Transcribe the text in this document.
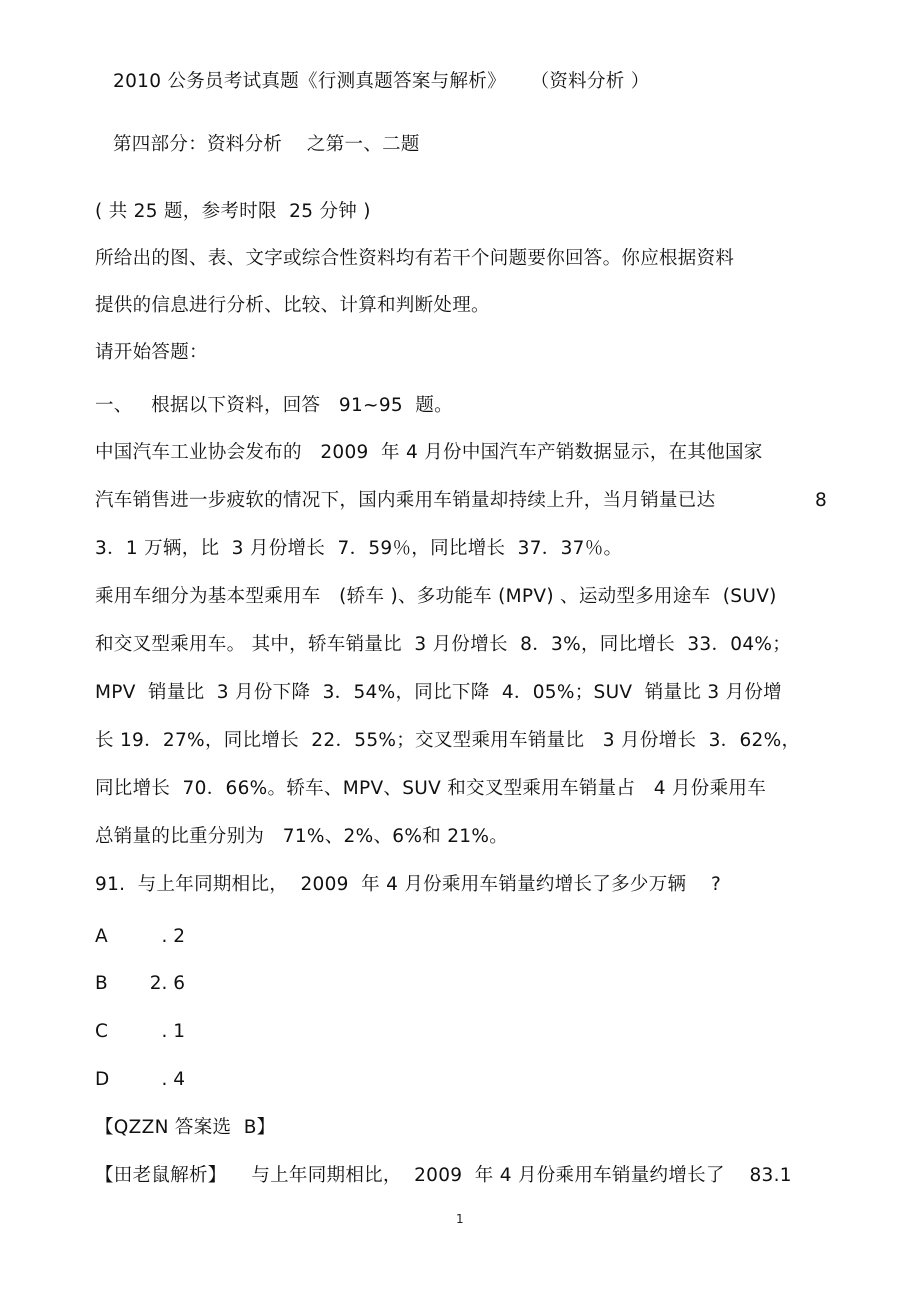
2010 公务员考试真题《行测真题答案与解析》    （资料分析 ）
第四部分：资料分析    之第一、二题
( 共 25 题，参考时限  25 分钟 )
所给出的图、表、文字或综合性资料均有若干个问题要你回答。你应根据资料
提供的信息进行分析、比较、计算和判断处理。
请开始答题：
一、   根据以下资料，回答   91~95  题。
中国汽车工业协会发布的   2009  年 4 月份中国汽车产销数据显示，在其他国家
汽车销售进一步疲软的情况下，国内乘用车销量却持续上升，当月销量已达	8
3．1 万辆，比  3 月份增长  7．59％，同比增长  37．37％。
乘用车细分为基本型乘用车   (轿车 )、多功能车 (MPV) 、运动型多用途车  (SUV)
和交叉型乘用车。 其中，轿车销量比  3 月份增长  8．3%，同比增长  33．04%；
MPV  销量比  3 月份下降  3．54%，同比下降  4．05%；SUV  销量比 3 月份增
长 19．27%，同比增长  22．55%；交叉型乘用车销量比   3 月份增长  3．62%，
同比增长  70．66%。轿车、MPV、SUV 和交叉型乘用车销量占   4 月份乘用车
总销量的比重分别为   71%、2%、6%和 21%。
91.  与上年同期相比，  2009  年 4 月份乘用车销量约增长了多少万辆    ?
A	. 2
B 2. 6
C	. 1
D	. 4
【QZZN 答案选  B】
【田老鼠解析】    与上年同期相比，  2009  年 4 月份乘用车销量约增长了    83.1
1
